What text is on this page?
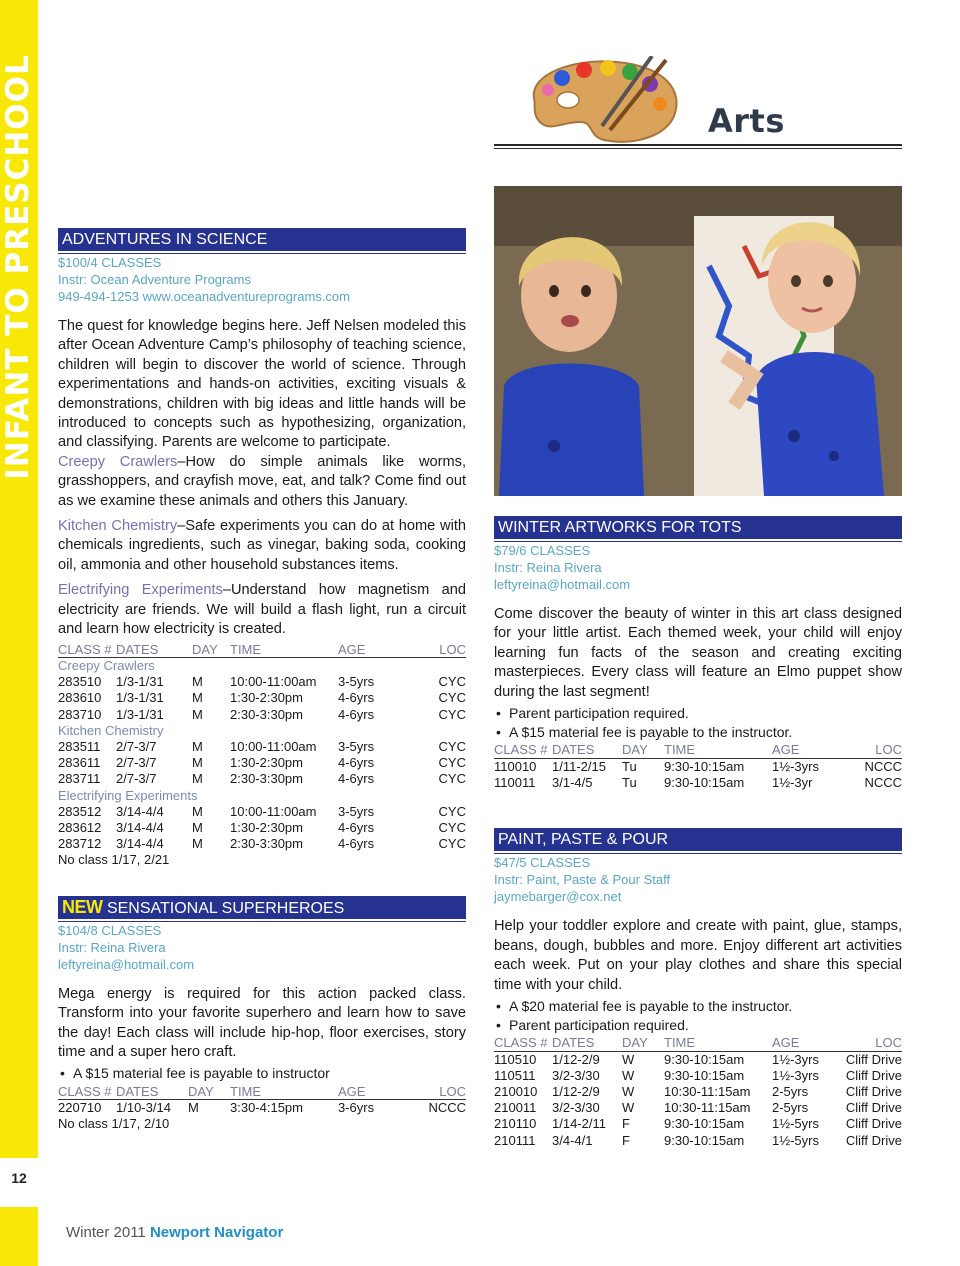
INFANT TO PRESCHOOL
12
Arts
ADVENTURES IN SCIENCE
$100/4 CLASSES
Instr: Ocean Adventure Programs
949-494-1253 www.oceanadventureprograms.com

The quest for knowledge begins here. Jeff Nelsen modeled this after Ocean Adventure Camp’s philosophy of teaching science, children will begin to discover the world of science. Through experimentations and hands-on activities, exciting visuals & demonstrations, children with big ideas and little hands will be introduced to concepts such as hypothesizing, organization, and classifying. Parents are welcome to participate.

Creepy Crawlers–How do simple animals like worms, grasshoppers, and crayfish move, eat, and talk? Come find out as we examine these animals and others this January.

Kitchen Chemistry–Safe experiments you can do at home with chemicals ingredients, such as vinegar, baking soda, cooking oil, ammonia and other household substances items.

Electrifying Experiments–Understand how magnetism and electricity are friends. We will build a flash light, run a circuit and learn how electricity is created.

CLASS #	DATES	DAY	TIME	AGE	LOC
Creepy Crawlers					
283510	1/3-1/31	M	10:00-11:00am	3-5yrs	CYC
283610	1/3-1/31	M	1:30-2:30pm	4-6yrs	CYC
283710	1/3-1/31	M	2:30-3:30pm	4-6yrs	CYC
Kitchen Chemistry					
283511	2/7-3/7	M	10:00-11:00am	3-5yrs	CYC
283611	2/7-3/7	M	1:30-2:30pm	4-6yrs	CYC
283711	2/7-3/7	M	2:30-3:30pm	4-6yrs	CYC
Electrifying Experiments					
283512	3/14-4/4	M	10:00-11:00am	3-5yrs	CYC
283612	3/14-4/4	M	1:30-2:30pm	4-6yrs	CYC
283712	3/14-4/4	M	2:30-3:30pm	4-6yrs	CYC
No class 1/17, 2/21
NEW SENSATIONAL SUPERHEROES
$104/8 CLASSES
Instr: Reina Rivera
leftyreina@hotmail.com

Mega energy is required for this action packed class. Transform into your favorite superhero and learn how to save the day! Each class will include hip-hop, floor exercises, story time and a super hero craft.

• A $15 material fee is payable to instructor
CLASS #	DATES	DAY	TIME	AGE	LOC
220710	1/10-3/14	M	3:30-4:15pm	3-6yrs	NCCC
No class 1/17, 2/10
WINTER ARTWORKS FOR TOTS
$79/6 CLASSES
Instr: Reina Rivera
leftyreina@hotmail.com

Come discover the beauty of winter in this art class designed for your little artist. Each themed week, your child will enjoy learning fun facts of the season and creating exciting masterpieces. Every class will feature an Elmo puppet show during the last segment!

• Parent participation required.
• A $15 material fee is payable to the instructor.
CLASS #	DATES	DAY	TIME	AGE	LOC
110010	1/11-2/15	Tu	9:30-10:15am	1½-3yrs	NCCC
110011	3/1-4/5	Tu	9:30-10:15am	1½-3yr	NCCC
PAINT, PASTE & POUR
$47/5 CLASSES
Instr: Paint, Paste & Pour Staff
jaymebarger@cox.net

Help your toddler explore and create with paint, glue, stamps, beans, dough, bubbles and more. Enjoy different art activities each week. Put on your play clothes and share this special time with your child.

• A $20 material fee is payable to the instructor.
• Parent participation required.
CLASS #	DATES	DAY	TIME	AGE	LOC
110510	1/12-2/9	W	9:30-10:15am	1½-3yrs	Cliff Drive
110511	3/2-3/30	W	9:30-10:15am	1½-3yrs	Cliff Drive
210010	1/12-2/9	W	10:30-11:15am	2-5yrs	Cliff Drive
210011	3/2-3/30	W	10:30-11:15am	2-5yrs	Cliff Drive
210110	1/14-2/11	F	9:30-10:15am	1½-5yrs	Cliff Drive
210111	3/4-4/1	F	9:30-10:15am	1½-5yrs	Cliff Drive
Winter 2011 Newport Navigator
